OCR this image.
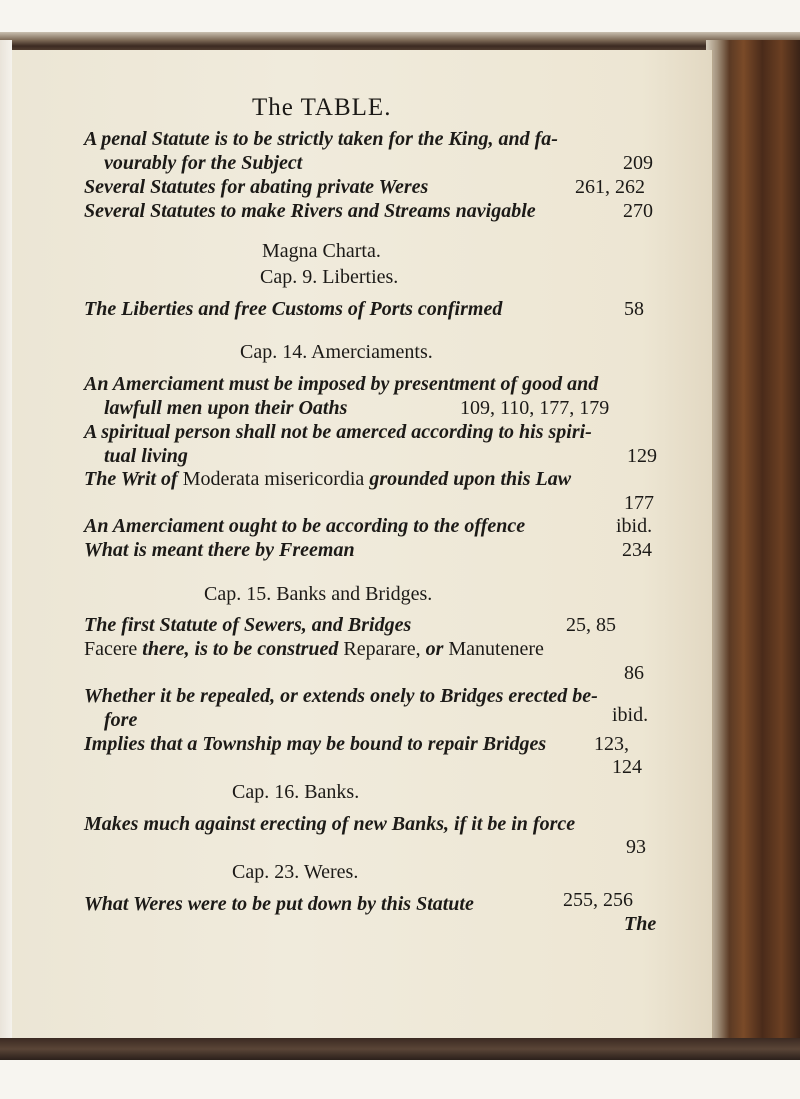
The TABLE.
A penal Statute is to be strictly taken for the King, and fa-
vourably for the Subject	209
Several Statutes for abating private Weres	261, 262
Several Statutes to make Rivers and Streams navigable	270
Magna Charta.
Cap. 9. Liberties.
The Liberties and free Customs of Ports confirmed	58
Cap. 14. Amerciaments.
An Amerciament must be imposed by presentment of good and
lawfull men upon their Oaths	109, 110, 177, 179
A spiritual person shall not be amerced according to his spiri-
tual living	129
The Writ of Moderata misericordia grounded upon this Law
177
An Amerciament ought to be according to the offence	ibid.
What is meant there by Freeman	234
Cap. 15. Banks and Bridges.
The first Statute of Sewers, and Bridges	25, 85
Facere there, is to be construed Reparare, or Manutenere
86
Whether it be repealed, or extends onely to Bridges erected be-
fore	ibid.
Implies that a Township may be bound to repair Bridges 123,
124
Cap. 16. Banks.
Makes much against erecting of new Banks, if it be in force
93
Cap. 23. Weres.
What Weres were to be put down by this Statute	255, 256
The
